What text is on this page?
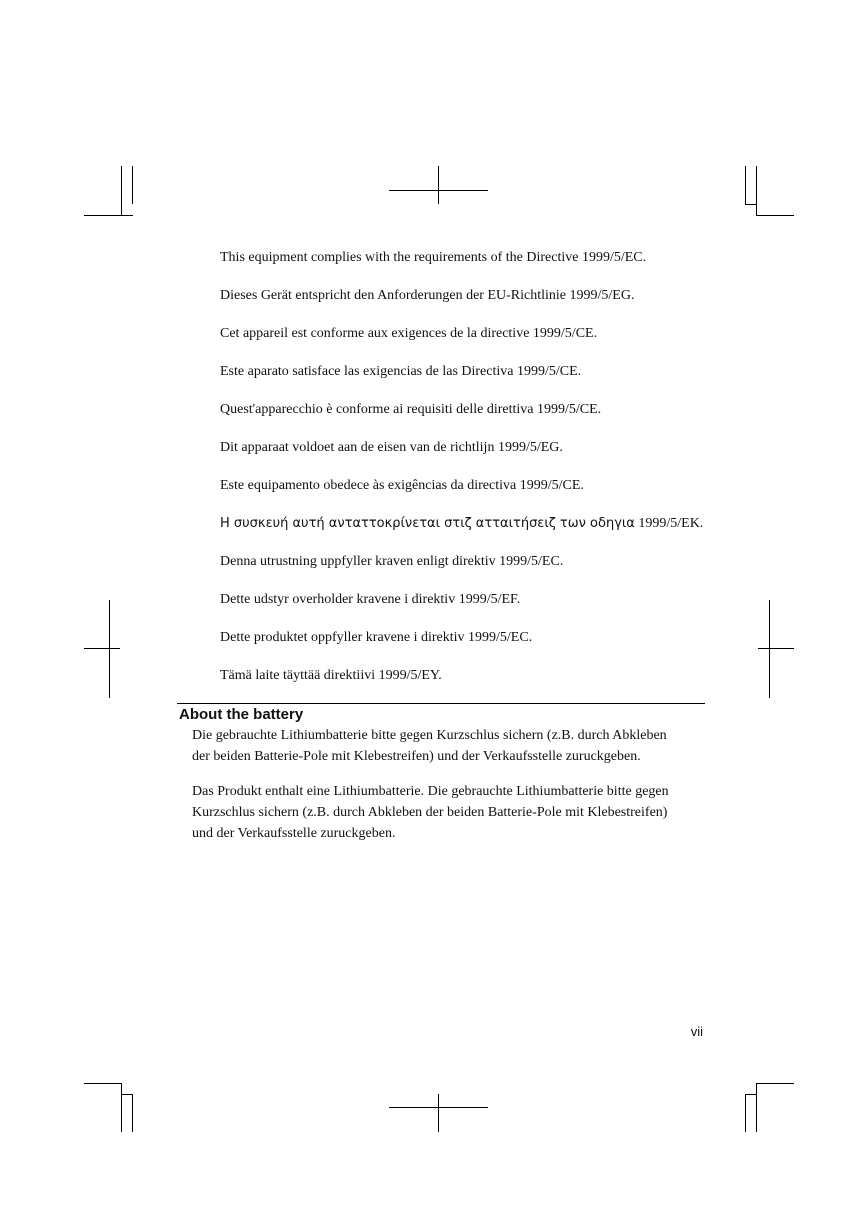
This equipment complies with the requirements of the Directive 1999/5/EC.

Dieses Gerät entspricht den Anforderungen der EU-Richtlinie 1999/5/EG.

Cet appareil est conforme aux exigences de la directive 1999/5/CE.

Este aparato satisface las exigencias de las Directiva 1999/5/CE.

Quest'apparecchio è conforme ai requisiti delle direttiva 1999/5/CE.

Dit apparaat voldoet aan de eisen van de richtlijn 1999/5/EG.

Este equipamento obedece às exigências da directiva 1999/5/CE.

Η συσκευή αυτή ανταττοκρίνεται στιζ ατταιτήσειζ των οδηγια 1999/5/EK.

Denna utrustning uppfyller kraven enligt direktiv 1999/5/EC.

Dette udstyr overholder kravene i direktiv 1999/5/EF.

Dette produktet oppfyller kravene i direktiv 1999/5/EC.

Tämä laite täyttää direktiivi 1999/5/EY.

About the battery

Die gebrauchte Lithiumbatterie bitte gegen Kurzschlus sichern (z.B. durch Abkleben
der beiden Batterie-Pole mit Klebestreifen) und der Verkaufsstelle zuruckgeben.

Das Produkt enthalt eine Lithiumbatterie. Die gebrauchte Lithiumbatterie bitte gegen
Kurzschlus sichern (z.B. durch Abkleben der beiden Batterie-Pole mit Klebestreifen)
und der Verkaufsstelle zuruckgeben.

vii
